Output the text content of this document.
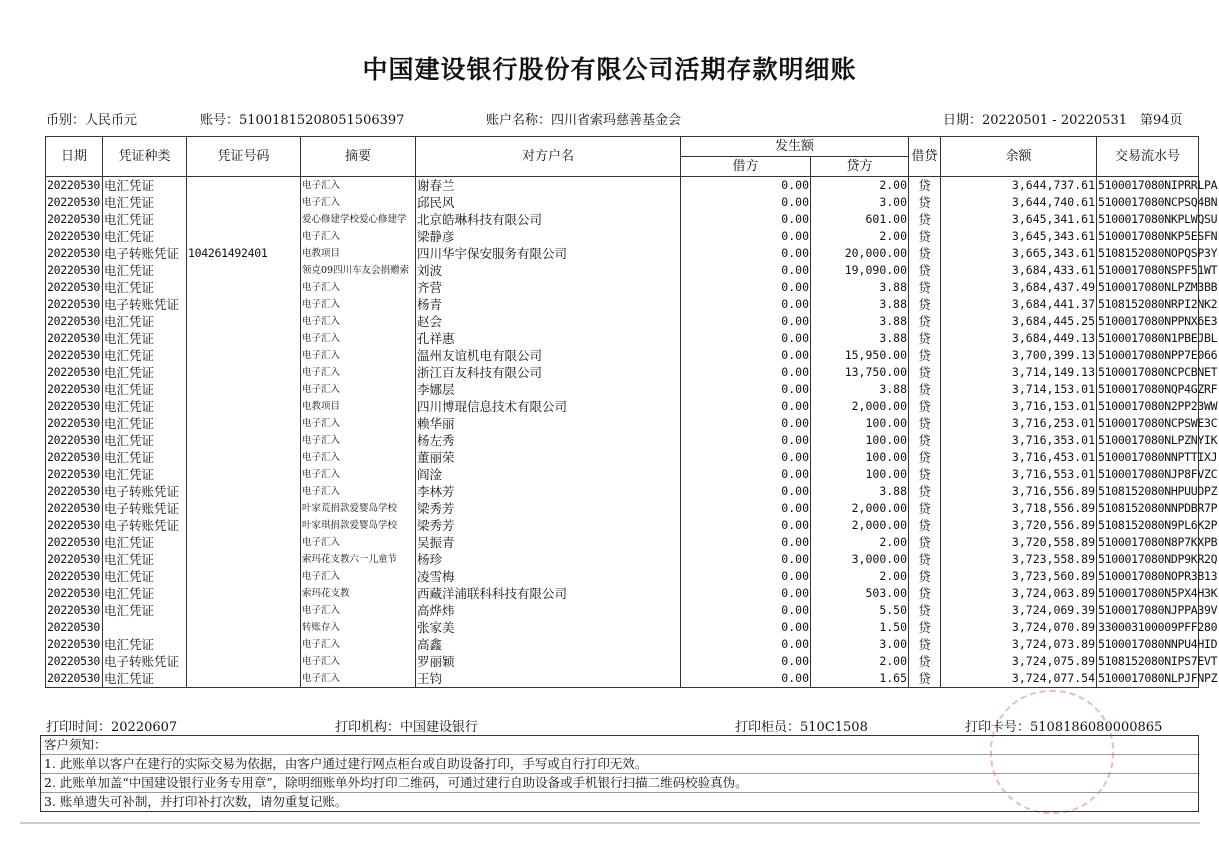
中国建设银行股份有限公司活期存款明细账
币别：人民币元	账号：51001815208051506397	账户名称：四川省索玛慈善基金会	日期：20220501 - 20220531 第94页
日期	凭证种类	凭证号码	摘要	对方户名	发生额		借贷	余额	交易流水号
					借方	贷方			
20220530	电汇凭证		电子汇入	谢春兰	0.00	2.00	贷	3,644,737.61	5100017080NIPRRLPA
20220530	电汇凭证		电子汇入	邱民风	0.00	3.00	贷	3,644,740.61	5100017080NCPSQ4BN
20220530	电汇凭证		爱心修建学校爱心修建学	北京皓琳科技有限公司	0.00	601.00	贷	3,645,341.61	5100017080NKPLWQSU
20220530	电汇凭证		电子汇入	梁静彦	0.00	2.00	贷	3,645,343.61	5100017080NKP5ESFN
20220530	电子转账凭证	104261492401	电教项目	四川华宇保安服务有限公司	0.00	20,000.00	贷	3,665,343.61	5108152080NOPQSP3Y
20220530	电汇凭证		领克09四川车友会捐赠索	刘波	0.00	19,090.00	贷	3,684,433.61	5100017080NSPF51WT
20220530	电汇凭证		电子汇入	齐营	0.00	3.88	贷	3,684,437.49	5100017080NLPZM3BB
20220530	电子转账凭证		电子汇入	杨青	0.00	3.88	贷	3,684,441.37	5108152080NRPI2NK2
20220530	电汇凭证		电子汇入	赵会	0.00	3.88	贷	3,684,445.25	5100017080NPPNX6E3
20220530	电汇凭证		电子汇入	孔祥惠	0.00	3.88	贷	3,684,449.13	5100017080N1PBEJBL
20220530	电汇凭证		电子汇入	温州友谊机电有限公司	0.00	15,950.00	贷	3,700,399.13	5100017080NPP7E066
20220530	电汇凭证		电子汇入	浙江百友科技有限公司	0.00	13,750.00	贷	3,714,149.13	5100017080NCPCBNET
20220530	电汇凭证		电子汇入	李娜层	0.00	3.88	贷	3,714,153.01	5100017080NQP4GZRF
20220530	电汇凭证		电教项目	四川博琨信息技术有限公司	0.00	2,000.00	贷	3,716,153.01	5100017080N2PP23WW
20220530	电汇凭证		电子汇入	赖华丽	0.00	100.00	贷	3,716,253.01	5100017080NCPSWE3C
20220530	电汇凭证		电子汇入	杨左秀	0.00	100.00	贷	3,716,353.01	5100017080NLPZNYIK
20220530	电汇凭证		电子汇入	董丽荣	0.00	100.00	贷	3,716,453.01	5100017080NNPTTIXJ
20220530	电汇凭证		电子汇入	阎淦	0.00	100.00	贷	3,716,553.01	5100017080NJP8FVZC
20220530	电子转账凭证		电子汇入	李林芳	0.00	3.88	贷	3,716,556.89	5108152080NHPUUDPZ
20220530	电子转账凭证		叶家荒捐款爱婴岛学校	梁秀芳	0.00	2,000.00	贷	3,718,556.89	5108152080NNPDBR7P
20220530	电子转账凭证		叶家琪捐款爱婴岛学校	梁秀芳	0.00	2,000.00	贷	3,720,556.89	5108152080N9PL6K2P
20220530	电汇凭证		电子汇入	吴振青	0.00	2.00	贷	3,720,558.89	5100017080N8P7KXPB
20220530	电汇凭证		索玛花支教六一儿童节	杨珍	0.00	3,000.00	贷	3,723,558.89	5100017080NDP9KR2Q
20220530	电汇凭证		电子汇入	凌雪梅	0.00	2.00	贷	3,723,560.89	5100017080NOPR3B13
20220530	电汇凭证		索玛花支教	西藏洋浦联科科技有限公司	0.00	503.00	贷	3,724,063.89	5100017080N5PX4H3K
20220530	电汇凭证		电子汇入	高烨炜	0.00	5.50	贷	3,724,069.39	5100017080NJPPA39V
20220530			转账存入	张家美	0.00	1.50	贷	3,724,070.89	330003100009PFF280
20220530	电汇凭证		电子汇入	高鑫	0.00	3.00	贷	3,724,073.89	5100017080NNPU4HID
20220530	电子转账凭证		电子汇入	罗丽颖	0.00	2.00	贷	3,724,075.89	5108152080NIPS7EVT
20220530	电汇凭证		电子汇入	王钧	0.00	1.65	贷	3,724,077.54	5100017080NLPJFNPZ
打印时间：20220607	打印机构：中国建设银行	打印柜员：510C1508	打印卡号：5108186080000865
客户须知：
1. 此账单以客户在建行的实际交易为依据，由客户通过建行网点柜台或自助设备打印，手写或自行打印无效。
2. 此账单加盖“中国建设银行业务专用章”，除明细账单外均打印二维码，可通过建行自助设备或手机银行扫描二维码校验真伪。
3. 账单遗失可补制，并打印补打次数，请勿重复记账。
